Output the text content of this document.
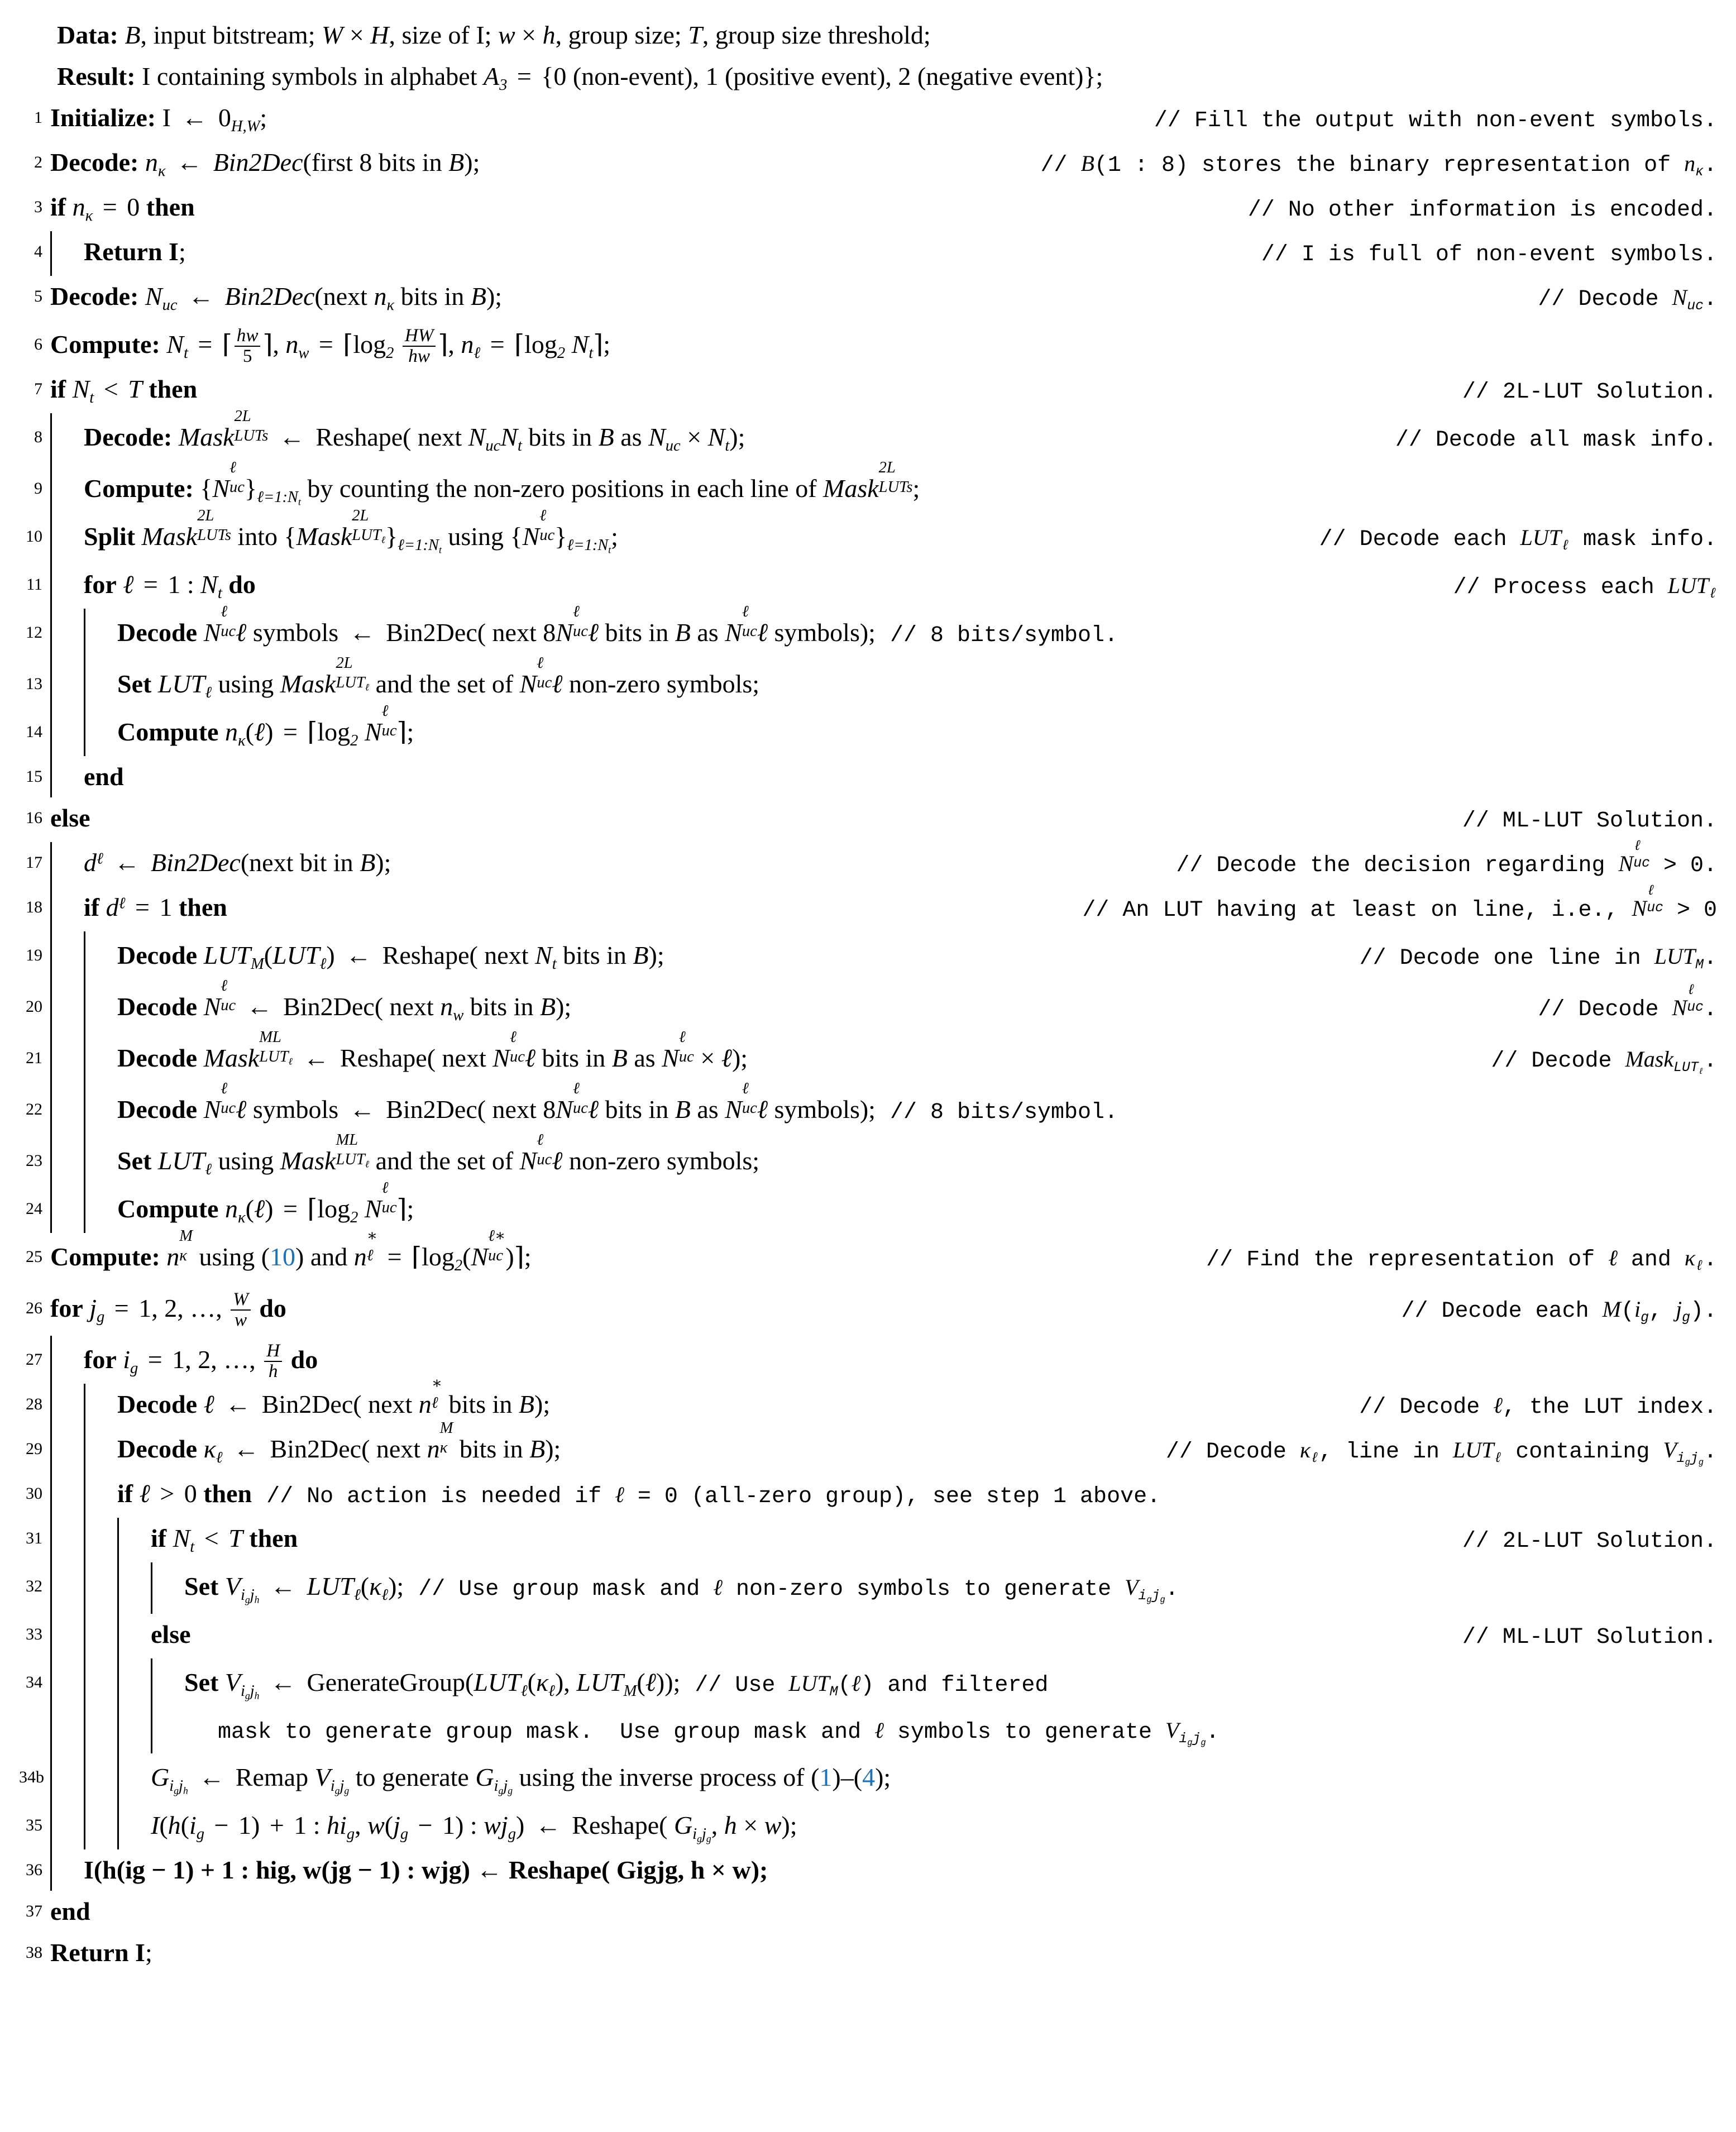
Data: B, input bitstream; W × H, size of I; w × h, group size; T, group size threshold;
Result: I containing symbols in alphabet $A_3 = \{0$ (non-event), 1 (positive event), 2 (negative event)};
1 Initialize: I ← $0_{H,W}$;	// Fill the output with non-event symbols.
2 Decode: $n_\kappa$ ← Bin2Dec(first 8 bits in B);	// B(1 : 8) stores the binary representation of $n_\kappa$.
3 if $n_\kappa = 0$ then	// No other information is encoded.
4	Return I;	// I is full of non-event symbols.
5 Decode: $N_{uc}$ ← Bin2Dec(next $n_\kappa$ bits in B);	// Decode $N_{uc}$.
6 Compute: $N_t$ = ⌈ $\frac{hw}{5}$ ⌉, $n_w$ = $⌈\log_2 \frac{HW}{hw}$ ⌉, $n_\ell$ = $⌈\log_2$ $N_t⌉$;
7 if $N_t < T$ then	// 2L-LUT Solution.
8	Decode: Mask
2L
LUTs ← Reshape( next $N_{uc}N_t$ bits in B as $N_{uc} \times N_t$);	// Decode all mask info.
9	Compute: {N
ℓ
uc }$_{\ell=1:N_t}$ by counting the non-zero positions in each line of Mask
2L
LUTs ;
10	Split Mask
2L
LUTs into {Mask
2L
$LUT_\ell$ }$_{\ell=1:N_t}$ using {N
ℓ
uc }$_{\ell=1:N_t}$;	// Decode each $LUT_\ell$ mask info.
11	for ℓ = 1 : $N_t$ do	// Process each $LUT_\ell$
12	Decode N
ℓ
uc ℓ symbols ← Bin2Dec( next 8N
ℓ
uc ℓ bits in B as N
ℓ
uc ℓ symbols); // 8 bits/symbol.
13	Set $LUT_\ell$ using Mask
2L
$LUT_\ell$ and the set of N
ℓ
uc ℓ non-zero symbols;
14	Compute $n_\kappa(\ell)$ = $⌈\log_2$ N
ℓ
uc ⌉;
15	end
16 else	// ML-LUT Solution.
17	$d^\ell$ ← Bin2Dec(next bit in B);	// Decode the decision regarding N
ℓ
uc > 0.
18	if $d^\ell = 1$ then	// An LUT having at least on line, i.e., N
ℓ
uc > 0
19	Decode $LUT_M(LUT_\ell)$ ← Reshape( next $N_t$ bits in B);	// Decode one line in $LUT_M$.
20	Decode N
ℓ
uc ← Bin2Dec( next $n_w$ bits in B);	// Decode N
ℓ
uc .
21	Decode Mask
ML
$LUT_\ell$ ← Reshape( next N
ℓ
uc ℓ bits in B as N
ℓ
uc × ℓ);	// Decode Mask$_{LUT_\ell}$.
22	Decode N
ℓ
uc ℓ symbols ← Bin2Dec( next 8N
ℓ
uc ℓ bits in B as N
ℓ
uc ℓ symbols); // 8 bits/symbol.
23	Set $LUT_\ell$ using Mask
ML
$LUT_\ell$ and the set of N
ℓ
uc ℓ non-zero symbols;
24	Compute $n_\kappa(\ell)$ = $⌈\log_2$ N
ℓ
uc ⌉;
25 Compute: n
M
κ using (10) and n
∗
ℓ = $⌈\log_2(N$
ℓ∗
uc )⌉;	// Find the representation of ℓ and $\kappa_\ell$.
26 for $j_g = 1$, 2, …, $\frac{W}{w}$ do	// Decode each $M(i_g$, $j_g$).
27	for $i_g = 1$, 2, …, $\frac{H}{h}$ do
28	Decode ℓ ← Bin2Dec( next n
∗
ℓ bits in B);	// Decode ℓ, the LUT index.
29	Decode $\kappa_\ell$ ← Bin2Dec( next n
M
κ bits in B);	// Decode $\kappa_\ell$, line in $LUT_\ell$ containing $V_{i_gj_g}$.
30	if ℓ > 0 then // No action is needed if ℓ = 0 (all-zero group), see step 1 above.
31	if $N_t < T$ then	// 2L-LUT Solution.
32	Set $V_{i_gj_h}$ ← $LUT_\ell(\kappa_\ell)$; // Use group mask and ℓ non-zero symbols to generate $V_{i_gj_g}$.
33	else	// ML-LUT Solution.
34	Set $V_{i_gj_h}$ ← $GenerateGroup(LUT_\ell(\kappa_\ell)$, $LUT_M(\ell)$); // Use $LUT_M(\ell)$ and filtered
mask to generate group mask.  Use group mask and ℓ symbols to generate $V_{i_gj_g}$.
34b	$G_{i_gj_h}$ ← Remap $V_{i_gj_g}$ to generate $G_{i_gj_g}$ using the inverse process of (1)–(4);
35	$I(h(i_g - 1) + 1$ : $hi_g$, $w(j_g - 1)$ : $wj_g$) ← Reshape( $G_{i_gj_g}$, h × w);
36	I(h(ig − 1) + 1 : hig, w(jg − 1) : wjg) ← Reshape( Gigjg, h × w);
37 end
38 Return I;
